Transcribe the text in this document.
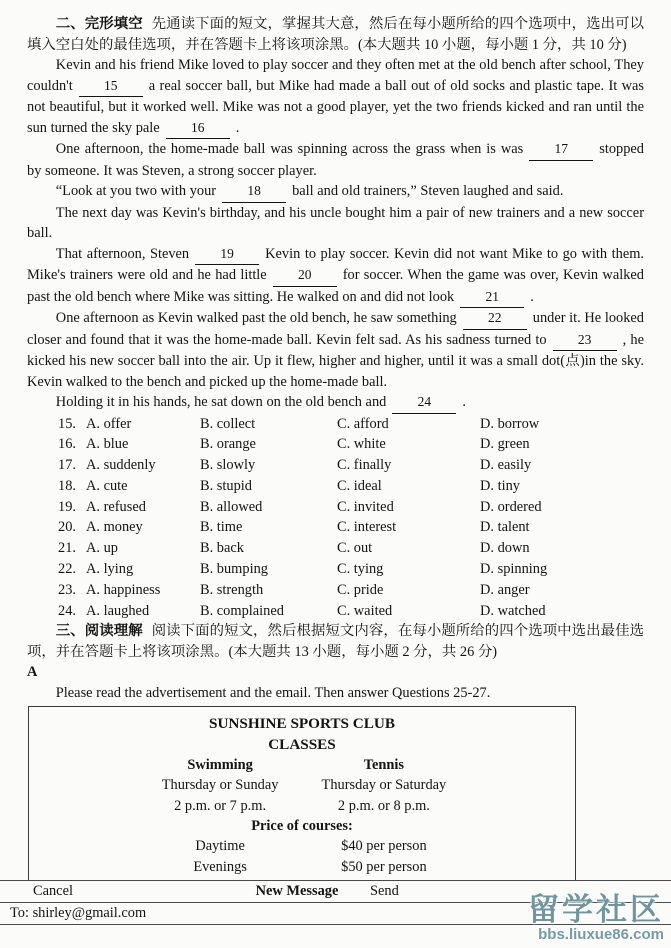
二、完形填空 先通读下面的短文，掌握其大意，然后在每小题所给的四个选项中，选出可以填入空白处的最佳选项，并在答题卡上将该项涂黑。(本大题共 10 小题，每小题 1 分，共 10 分)

Kevin and his friend Mike loved to play soccer and they often met at the old bench after school, They couldn't 15 a real soccer ball, but Mike had made a ball out of old socks and plastic tape. It was not beautiful, but it worked well. Mike was not a good player, yet the two friends kicked and ran until the sun turned the sky pale 16 .

One afternoon, the home-made ball was spinning across the grass when is was 17 stopped by someone. It was Steven, a strong soccer player.

“Look at you two with your 18 ball and old trainers,” Steven laughed and said.

The next day was Kevin's birthday, and his uncle bought him a pair of new trainers and a new soccer ball.

That afternoon, Steven 19 Kevin to play soccer. Kevin did not want Mike to go with them. Mike's trainers were old and he had little 20 for soccer. When the game was over, Kevin walked past the old bench where Mike was sitting. He walked on and did not look 21 .

One afternoon as Kevin walked past the old bench, he saw something 22 under it. He looked closer and found that it was the home-made ball. Kevin felt sad. As his sadness turned to 23 , he kicked his new soccer ball into the air. Up it flew, higher and higher, until it was a small dot(点)in the sky. Kevin walked to the bench and picked up the home-made ball.

Holding it in his hands, he sat down on the old bench and 24 .

15. A. offer	B. collect	C. afford	D. borrow
16. A. blue	B. orange	C. white	D. green
17. A. suddenly	B. slowly	C. finally	D. easily
18. A. cute	B. stupid	C. ideal	D. tiny
19. A. refused	B. allowed	C. invited	D. ordered
20. A. money	B. time	C. interest	D. talent
21. A. up	B. back	C. out	D. down
22. A. lying	B. bumping	C. tying	D. spinning
23. A. happiness	B. strength	C. pride	D. anger
24. A. laughed	B. complained	C. waited	D. watched

三、阅读理解 阅读下面的短文，然后根据短文内容，在每小题所给的四个选项中选出最佳选项，并在答题卡上将该项涂黑。(本大题共 13 小题，每小题 2 分，共 26 分)

A

Please read the advertisement and the email. Then answer Questions 25-27.

SUNSHINE SPORTS CLUB
CLASSES
Swimming	Tennis
Thursday or Sunday	Thursday or Saturday
2 p.m. or 7 p.m.	2 p.m. or 8 p.m.
Price of courses:
Daytime	$40 per person
Evenings	$50 per person
Cancel	New Message	Send
To: shirley@gmail.com	留学社区
bbs.liuxue86.com
